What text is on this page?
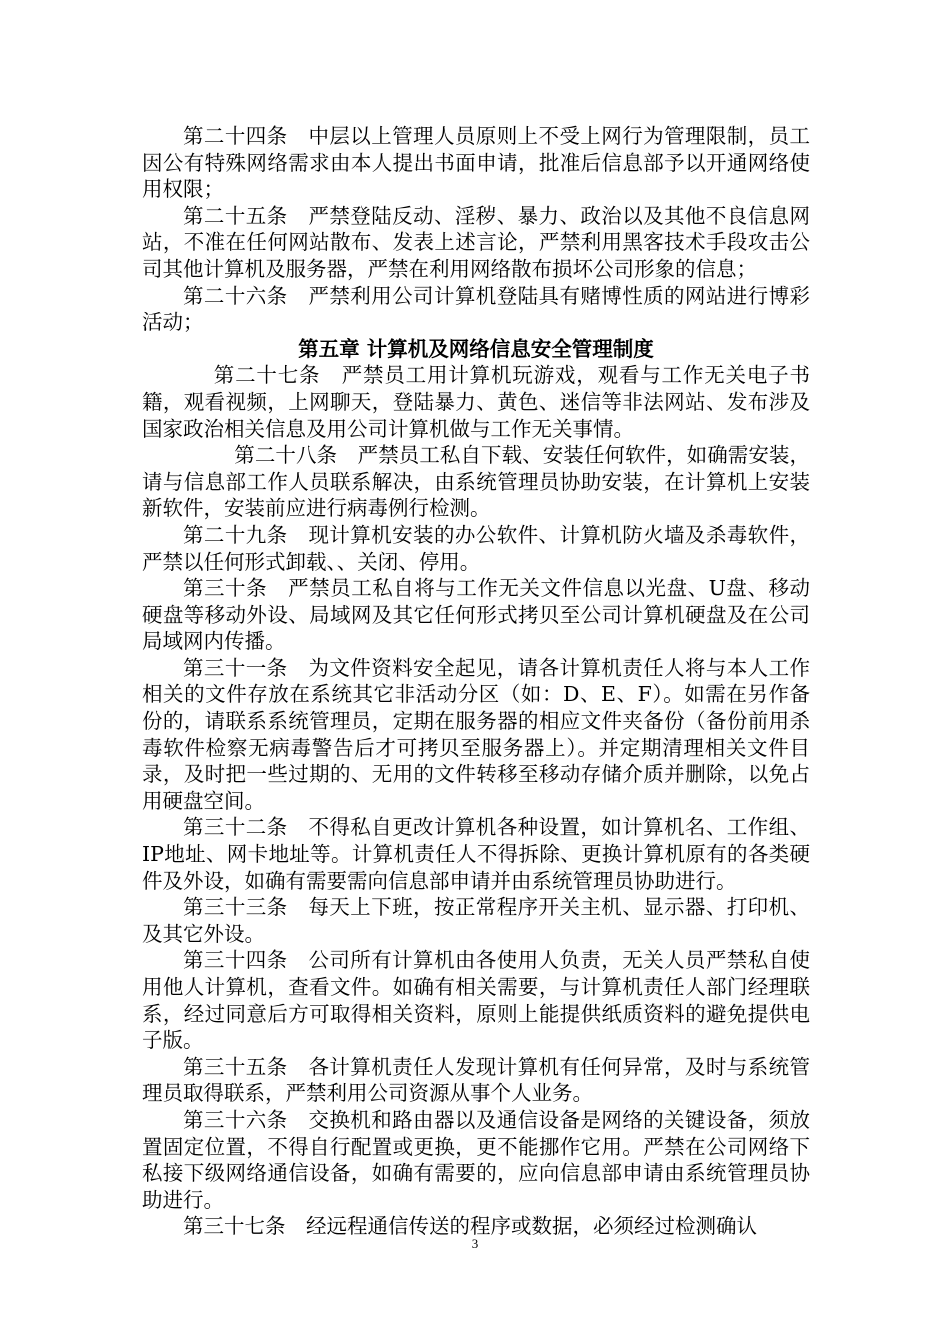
第二十四条　中层以上管理人员原则上不受上网行为管理限制，员工因公有特殊网络需求由本人提出书面申请，批准后信息部予以开通网络使用权限；

第二十五条　严禁登陆反动、淫秽、暴力、政治以及其他不良信息网站，不准在任何网站散布、发表上述言论，严禁利用黑客技术手段攻击公司其他计算机及服务器，严禁在利用网络散布损坏公司形象的信息；

第二十六条　严禁利用公司计算机登陆具有赌博性质的网站进行博彩活动；

第五章 计算机及网络信息安全管理制度

第二十七条　严禁员工用计算机玩游戏，观看与工作无关电子书籍，观看视频，上网聊天，登陆暴力、黄色、迷信等非法网站、发布涉及国家政治相关信息及用公司计算机做与工作无关事情。

第二十八条　严禁员工私自下载、安装任何软件，如确需安装，请与信息部工作人员联系解决，由系统管理员协助安装，在计算机上安装新软件，安装前应进行病毒例行检测。

第二十九条　现计算机安装的办公软件、计算机防火墙及杀毒软件，严禁以任何形式卸载、、关闭、停用。

第三十条　严禁员工私自将与工作无关文件信息以光盘、U盘、移动硬盘等移动外设、局域网及其它任何形式拷贝至公司计算机硬盘及在公司局域网内传播。

第三十一条　为文件资料安全起见，请各计算机责任人将与本人工作相关的文件存放在系统其它非活动分区（如：D、E、F）。如需在另作备份的，请联系系统管理员，定期在服务器的相应文件夹备份（备份前用杀毒软件检察无病毒警告后才可拷贝至服务器上）。并定期清理相关文件目录，及时把一些过期的、无用的文件转移至移动存储介质并删除，以免占用硬盘空间。

第三十二条　不得私自更改计算机各种设置，如计算机名、工作组、IP地址、网卡地址等。计算机责任人不得拆除、更换计算机原有的各类硬件及外设，如确有需要需向信息部申请并由系统管理员协助进行。

第三十三条　每天上下班，按正常程序开关主机、显示器、打印机、及其它外设。

第三十四条　公司所有计算机由各使用人负责，无关人员严禁私自使用他人计算机，查看文件。如确有相关需要，与计算机责任人部门经理联系，经过同意后方可取得相关资料，原则上能提供纸质资料的避免提供电子版。

第三十五条　各计算机责任人发现计算机有任何异常，及时与系统管理员取得联系，严禁利用公司资源从事个人业务。

第三十六条　交换机和路由器以及通信设备是网络的关键设备，须放置固定位置，不得自行配置或更换，更不能挪作它用。严禁在公司网络下私接下级网络通信设备，如确有需要的，应向信息部申请由系统管理员协助进行。

第三十七条　经远程通信传送的程序或数据，必须经过检测确认

3
